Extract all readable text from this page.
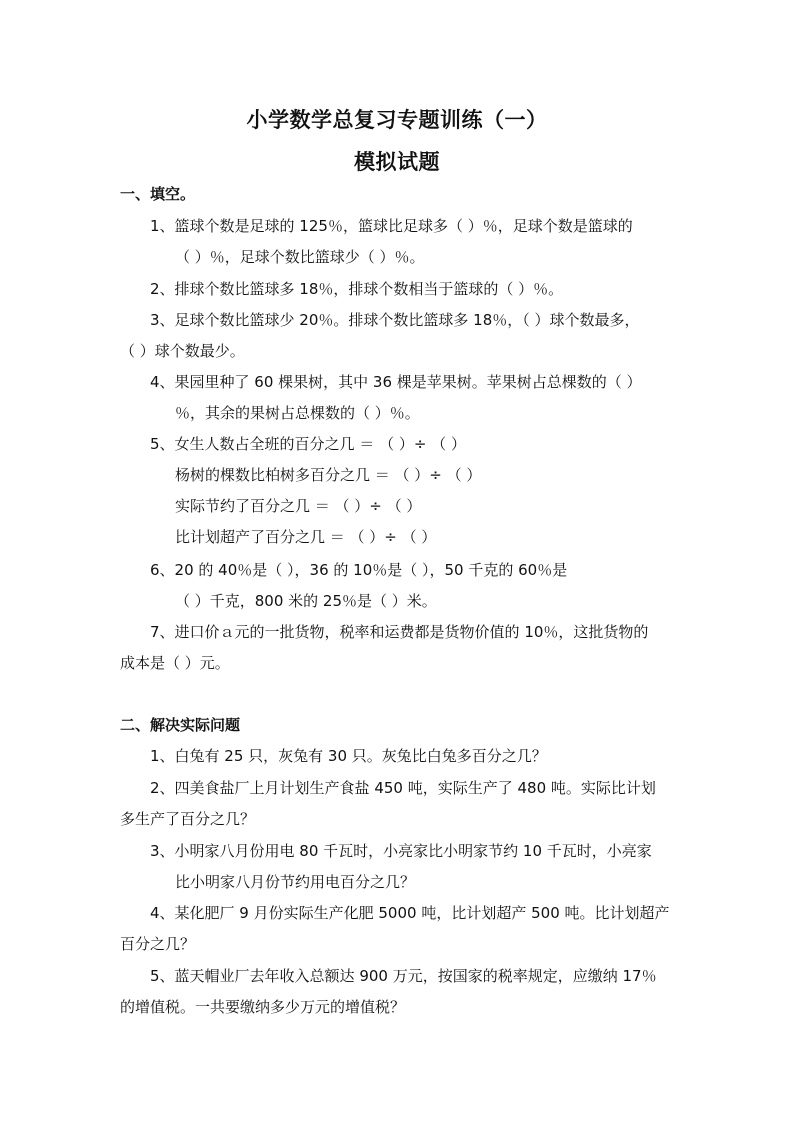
小学数学总复习专题训练（一）
模拟试题
一、填空。
1、篮球个数是足球的 125％，篮球比足球多（ ）％，足球个数是篮球的
（ ）％，足球个数比篮球少（ ）％。
2、排球个数比篮球多 18％，排球个数相当于篮球的（ ）％。
3、足球个数比篮球少 20％。排球个数比篮球多 18％，（ ）球个数最多，
（ ）球个数最少。
4、果园里种了 60 棵果树，其中 36 棵是苹果树。苹果树占总棵数的（ ）
％，其余的果树占总棵数的（ ）％。
5、女生人数占全班的百分之几 ＝ （ ）÷ （ ）
杨树的棵数比柏树多百分之几 ＝ （ ）÷ （ ）
实际节约了百分之几 ＝ （ ）÷ （ ）
比计划超产了百分之几 ＝ （ ）÷ （ ）
6、20 的 40％是（ ），36 的 10％是（ ），50 千克的 60％是
（ ）千克，800 米的 25％是（ ）米。
7、进口价ａ元的一批货物，税率和运费都是货物价值的 10％，这批货物的
成本是（ ）元。
二、解决实际问题
1、白兔有 25 只，灰兔有 30 只。灰兔比白兔多百分之几？
2、四美食盐厂上月计划生产食盐 450 吨，实际生产了 480 吨。实际比计划
多生产了百分之几？
3、小明家八月份用电 80 千瓦时，小亮家比小明家节约 10 千瓦时，小亮家
比小明家八月份节约用电百分之几？
4、某化肥厂 9 月份实际生产化肥 5000 吨，比计划超产 500 吨。比计划超产
百分之几？
5、蓝天帽业厂去年收入总额达 900 万元，按国家的税率规定，应缴纳 17％
的增值税。一共要缴纳多少万元的增值税？
